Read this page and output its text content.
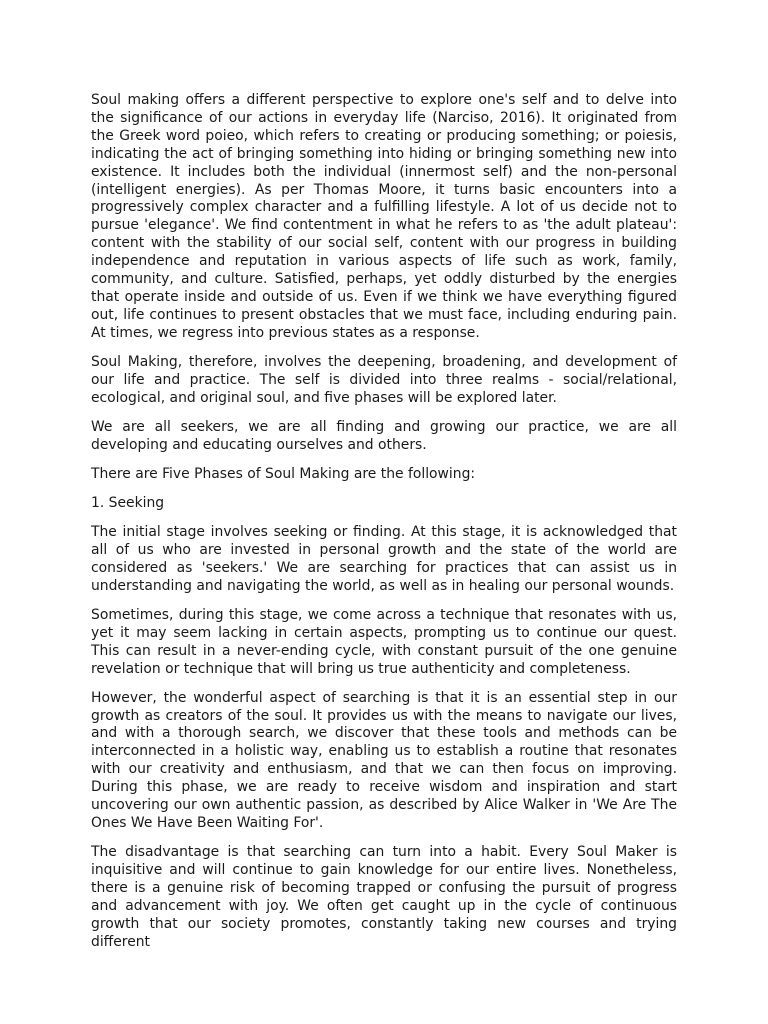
Soul making offers a different perspective to explore one's self and to delve into the significance of our actions in everyday life (Narciso, 2016). It originated from the Greek word poieo, which refers to creating or producing something; or poiesis, indicating the act of bringing something into hiding or bringing something new into existence. It includes both the individual (innermost self) and the non-personal (intelligent energies). As per Thomas Moore, it turns basic encounters into a progressively complex character and a fulfilling lifestyle. A lot of us decide not to pursue 'elegance'. We find contentment in what he refers to as 'the adult plateau': content with the stability of our social self, content with our progress in building independence and reputation in various aspects of life such as work, family, community, and culture. Satisfied, perhaps, yet oddly disturbed by the energies that operate inside and outside of us. Even if we think we have everything figured out, life continues to present obstacles that we must face, including enduring pain. At times, we regress into previous states as a response.

Soul Making, therefore, involves the deepening, broadening, and development of our life and practice. The self is divided into three realms - social/relational, ecological, and original soul, and five phases will be explored later.

We are all seekers, we are all finding and growing our practice, we are all developing and educating ourselves and others.

There are Five Phases of Soul Making are the following:

1. Seeking

The initial stage involves seeking or finding. At this stage, it is acknowledged that all of us who are invested in personal growth and the state of the world are considered as 'seekers.' We are searching for practices that can assist us in understanding and navigating the world, as well as in healing our personal wounds.

Sometimes, during this stage, we come across a technique that resonates with us, yet it may seem lacking in certain aspects, prompting us to continue our quest. This can result in a never-ending cycle, with constant pursuit of the one genuine revelation or technique that will bring us true authenticity and completeness.

However, the wonderful aspect of searching is that it is an essential step in our growth as creators of the soul. It provides us with the means to navigate our lives, and with a thorough search, we discover that these tools and methods can be interconnected in a holistic way, enabling us to establish a routine that resonates with our creativity and enthusiasm, and that we can then focus on improving. During this phase, we are ready to receive wisdom and inspiration and start uncovering our own authentic passion, as described by Alice Walker in 'We Are The Ones We Have Been Waiting For'.

The disadvantage is that searching can turn into a habit. Every Soul Maker is inquisitive and will continue to gain knowledge for our entire lives. Nonetheless, there is a genuine risk of becoming trapped or confusing the pursuit of progress and advancement with joy. We often get caught up in the cycle of continuous growth that our society promotes, constantly taking new courses and trying different
